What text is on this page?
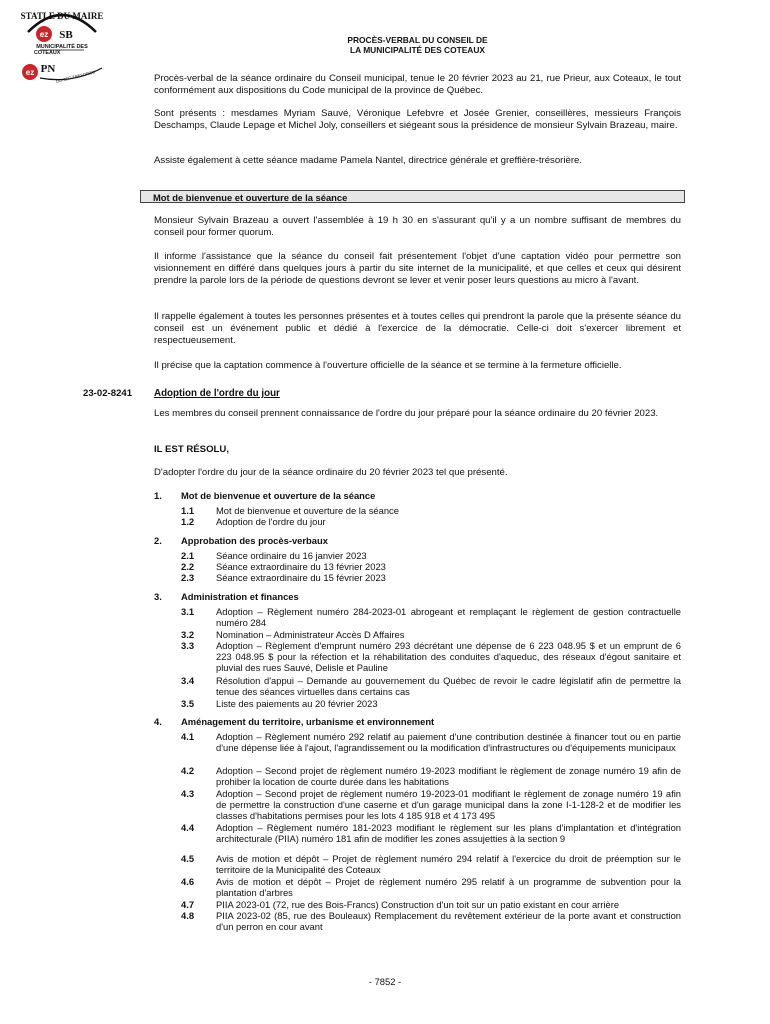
STATLE DU MAIRE
ez SB
MUNICIPALITÉ DES
COTEAUX
ez PN
DG-SEC-TRESORIER
PROCÈS-VERBAL DU CONSEIL DE
LA MUNICIPALITÉ DES COTEAUX

Procès-verbal de la séance ordinaire du Conseil municipal, tenue le 20 février 2023 au 21, rue Prieur, aux Coteaux, le tout conformément aux dispositions du Code municipal de la province de Québec.

Sont présents : mesdames Myriam Sauvé, Véronique Lefebvre et Josée Grenier, conseillères, messieurs François Deschamps, Claude Lepage et Michel Joly, conseillers et siégeant sous la présidence de monsieur Sylvain Brazeau, maire.

Assiste également à cette séance madame Pamela Nantel, directrice générale et greffière-trésorière.

Mot de bienvenue et ouverture de la séance

Monsieur Sylvain Brazeau a ouvert l'assemblée à 19 h 30 en s'assurant qu'il y a un nombre suffisant de membres du conseil pour former quorum.

Il informe l'assistance que la séance du conseil fait présentement l'objet d'une captation vidéo pour permettre son visionnement en différé dans quelques jours à partir du site internet de la municipalité, et que celles et ceux qui désirent prendre la parole lors de la période de questions devront se lever et venir poser leurs questions au micro à l'avant.

Il rappelle également à toutes les personnes présentes et à toutes celles qui prendront la parole que la présente séance du conseil est un événement public et dédié à l'exercice de la démocratie. Celle-ci doit s'exercer librement et respectueusement.

Il précise que la captation commence à l'ouverture officielle de la séance et se termine à la fermeture officielle.

23-02-8241 Adoption de l'ordre du jour

Les membres du conseil prennent connaissance de l'ordre du jour préparé pour la séance ordinaire du 20 février 2023.

IL EST RÉSOLU,

D'adopter l'ordre du jour de la séance ordinaire du 20 février 2023 tel que présenté.

1. Mot de bienvenue et ouverture de la séance
1.1 Mot de bienvenue et ouverture de la séance
1.2 Adoption de l'ordre du jour
2. Approbation des procès-verbaux
2.1 Séance ordinaire du 16 janvier 2023
2.2 Séance extraordinaire du 13 février 2023
2.3 Séance extraordinaire du 15 février 2023
3. Administration et finances
3.1 Adoption – Règlement numéro 284-2023-01 abrogeant et remplaçant le règlement de gestion contractuelle numéro 284
3.2 Nomination – Administrateur Accès D Affaires
3.3 Adoption – Règlement d'emprunt numéro 293 décrétant une dépense de 6 223 048.95 $ et un emprunt de 6 223 048.95 $ pour la réfection et la réhabilitation des conduites d'aqueduc, des réseaux d'égout sanitaire et pluvial des rues Sauvé, Delisle et Pauline
3.4 Résolution d'appui – Demande au gouvernement du Québec de revoir le cadre législatif afin de permettre la tenue des séances virtuelles dans certains cas
3.5 Liste des paiements au 20 février 2023
4. Aménagement du territoire, urbanisme et environnement
4.1 Adoption – Règlement numéro 292 relatif au paiement d'une contribution destinée à financer tout ou en partie d'une dépense liée à l'ajout, l'agrandissement ou la modification d'infrastructures ou d'équipements municipaux
4.2 Adoption – Second projet de règlement numéro 19-2023 modifiant le règlement de zonage numéro 19 afin de prohiber la location de courte durée dans les habitations
4.3 Adoption – Second projet de règlement numéro 19-2023-01 modifiant le règlement de zonage numéro 19 afin de permettre la construction d'une caserne et d'un garage municipal dans la zone I-1-128-2 et de modifier les classes d'habitations permises pour les lots 4 185 918 et 4 173 495
4.4 Adoption – Règlement numéro 181-2023 modifiant le règlement sur les plans d'implantation et d'intégration architecturale (PIIA) numéro 181 afin de modifier les zones assujetties à la section 9
4.5 Avis de motion et dépôt – Projet de règlement numéro 294 relatif à l'exercice du droit de préemption sur le territoire de la Municipalité des Coteaux
4.6 Avis de motion et dépôt – Projet de règlement numéro 295 relatif à un programme de subvention pour la plantation d'arbres
4.7 PIIA 2023-01 (72, rue des Bois-Francs) Construction d'un toit sur un patio existant en cour arrière
4.8 PIIA 2023-02 (85, rue des Bouleaux) Remplacement du revêtement extérieur de la porte avant et construction d'un perron en cour avant
- 7852 -
